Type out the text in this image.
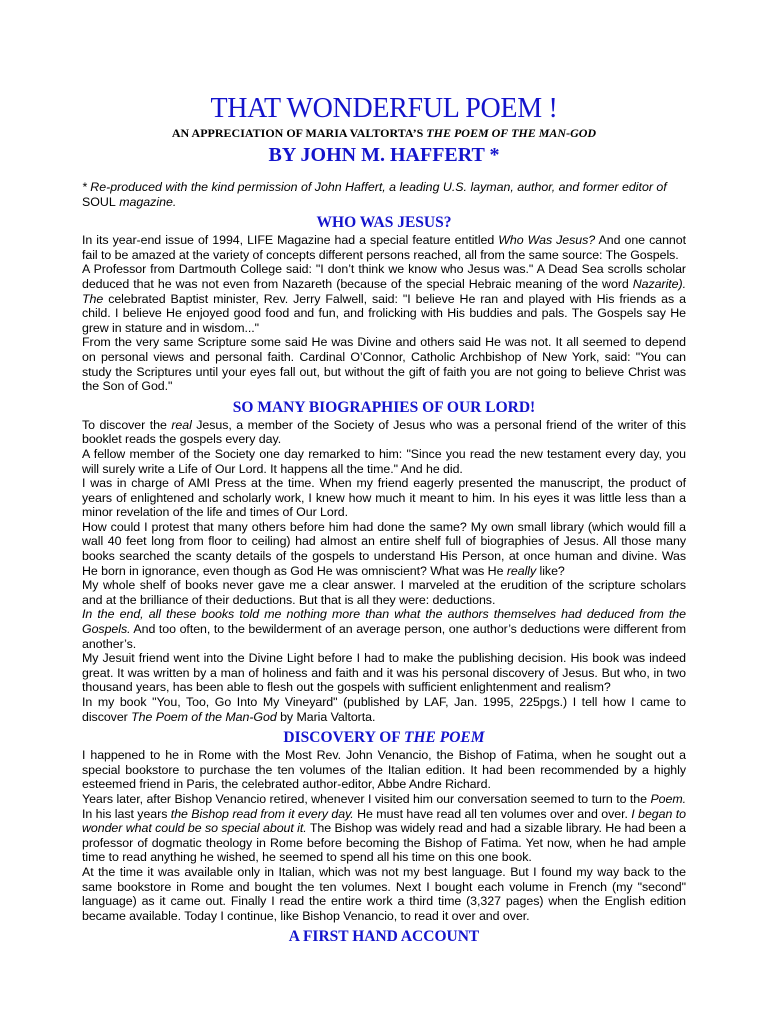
THAT WONDERFUL POEM !
AN APPRECIATION OF MARIA VALTORTA’S THE POEM OF THE MAN-GOD
BY JOHN M. HAFFERT *

* Re-produced with the kind permission of John Haffert, a leading U.S. layman, author, and former editor of SOUL magazine.

WHO WAS JESUS?

In its year-end issue of 1994, LIFE Magazine had a special feature entitled Who Was Jesus? And one cannot fail to be amazed at the variety of concepts different persons reached, all from the same source: The Gospels.

A Professor from Dartmouth College said: "I don’t think we know who Jesus was." A Dead Sea scrolls scholar deduced that he was not even from Nazareth (because of the special Hebraic meaning of the word Nazarite). The celebrated Baptist minister, Rev. Jerry Falwell, said: "I believe He ran and played with His friends as a child. I believe He enjoyed good food and fun, and frolicking with His buddies and pals. The Gospels say He grew in stature and in wisdom..."

From the very same Scripture some said He was Divine and others said He was not. It all seemed to depend on personal views and personal faith. Cardinal O’Connor, Catholic Archbishop of New York, said: "You can study the Scriptures until your eyes fall out, but without the gift of faith you are not going to believe Christ was the Son of God."

SO MANY BIOGRAPHIES OF OUR LORD!

To discover the real Jesus, a member of the Society of Jesus who was a personal friend of the writer of this booklet reads the gospels every day.

A fellow member of the Society one day remarked to him: "Since you read the new testament every day, you will surely write a Life of Our Lord. It happens all the time." And he did.

I was in charge of AMI Press at the time. When my friend eagerly presented the manuscript, the product of years of enlightened and scholarly work, I knew how much it meant to him. In his eyes it was little less than a minor revelation of the life and times of Our Lord.

How could I protest that many others before him had done the same? My own small library (which would fill a wall 40 feet long from floor to ceiling) had almost an entire shelf full of biographies of Jesus. All those many books searched the scanty details of the gospels to understand His Person, at once human and divine. Was He born in ignorance, even though as God He was omniscient? What was He really like?

My whole shelf of books never gave me a clear answer. I marveled at the erudition of the scripture scholars and at the brilliance of their deductions. But that is all they were: deductions.

In the end, all these books told me nothing more than what the authors themselves had deduced from the Gospels. And too often, to the bewilderment of an average person, one author’s deductions were different from another’s.

My Jesuit friend went into the Divine Light before I had to make the publishing decision. His book was indeed great. It was written by a man of holiness and faith and it was his personal discovery of Jesus. But who, in two thousand years, has been able to flesh out the gospels with sufficient enlightenment and realism?

In my book "You, Too, Go Into My Vineyard" (published by LAF, Jan. 1995, 225pgs.) I tell how I came to discover The Poem of the Man-God by Maria Valtorta.

DISCOVERY OF THE POEM

I happened to he in Rome with the Most Rev. John Venancio, the Bishop of Fatima, when he sought out a special bookstore to purchase the ten volumes of the Italian edition. It had been recommended by a highly esteemed friend in Paris, the celebrated author-editor, Abbe Andre Richard.

Years later, after Bishop Venancio retired, whenever I visited him our conversation seemed to turn to the Poem. In his last years the Bishop read from it every day. He must have read all ten volumes over and over. I began to wonder what could be so special about it. The Bishop was widely read and had a sizable library. He had been a professor of dogmatic theology in Rome before becoming the Bishop of Fatima. Yet now, when he had ample time to read anything he wished, he seemed to spend all his time on this one book.

At the time it was available only in Italian, which was not my best language. But I found my way back to the same bookstore in Rome and bought the ten volumes. Next I bought each volume in French (my "second" language) as it came out. Finally I read the entire work a third time (3,327 pages) when the English edition became available. Today I continue, like Bishop Venancio, to read it over and over.

A FIRST HAND ACCOUNT
